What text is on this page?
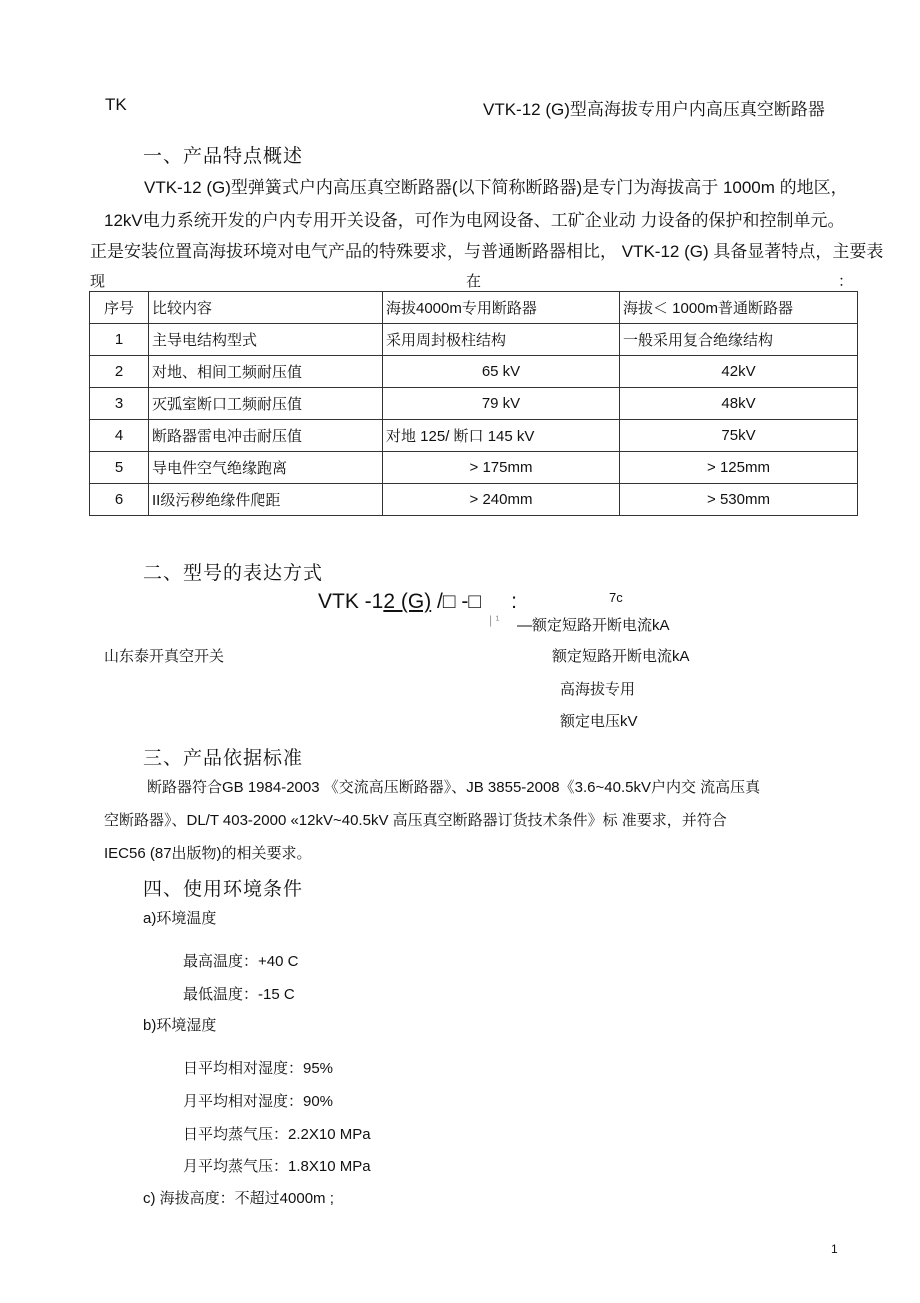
TK	VTK-12 (G)型高海拔专用户内高压真空断路器
一、产品特点概述
VTK-12 (G)型弹簧式户内高压真空断路器(以下简称断路器)是专门为海拔高于 1000m 的地区，
12kV电力系统开发的户内专用开关设备，可作为电网设备、工矿企业动 力设备的保护和控制单元。
正是安装位置高海拔环境对电气产品的特殊要求，与普通断路器相比， VTK-12 (G) 具备显著特点，主要表
现	在	：
序号	比较内容	海拔4000m专用断路器	海拔＜ 1000m普通断路器
1	主导电结构型式	采用周封极柱结构	一般采用复合绝缘结构
2	对地、相间工频耐压值	65 kV	42kV
3	灭弧室断口工频耐压值	79 kV	48kV
4	断路器雷电冲击耐压值	对地 125/ 断口 145 kV	75kV
5	导电件空气绝缘跑离	> 175mm	> 125mm
6	II级污秽绝缘件爬距	> 240mm	> 530mm
二、型号的表达方式
VTK -12 (G) /□ -□ :	7c
| ¹ —额定短路开断电流kA
山东泰开真空开关	额定短路开断电流kA
高海拔专用
额定电压kV
三、产品依据标准
断路器符合GB 1984-2003 《交流高压断路器》、JB 3855-2008《3.6~40.5kV户内交 流高压真
空断路器》、DL/T 403-2000 «12kV~40.5kV 高压真空断路器订货技术条件》标 准要求，并符合
IEC56 (87出版物)的相关要求。
四、使用环境条件
a)环境温度
最高温度：+40 C
最低温度：-15 C
b)环境湿度
日平均相对湿度：95%
月平均相对湿度：90%
日平均蒸气压：2.2X10 MPa
月平均蒸气压：1.8X10 MPa
c) 海拔高度：不超过4000m ;
1
